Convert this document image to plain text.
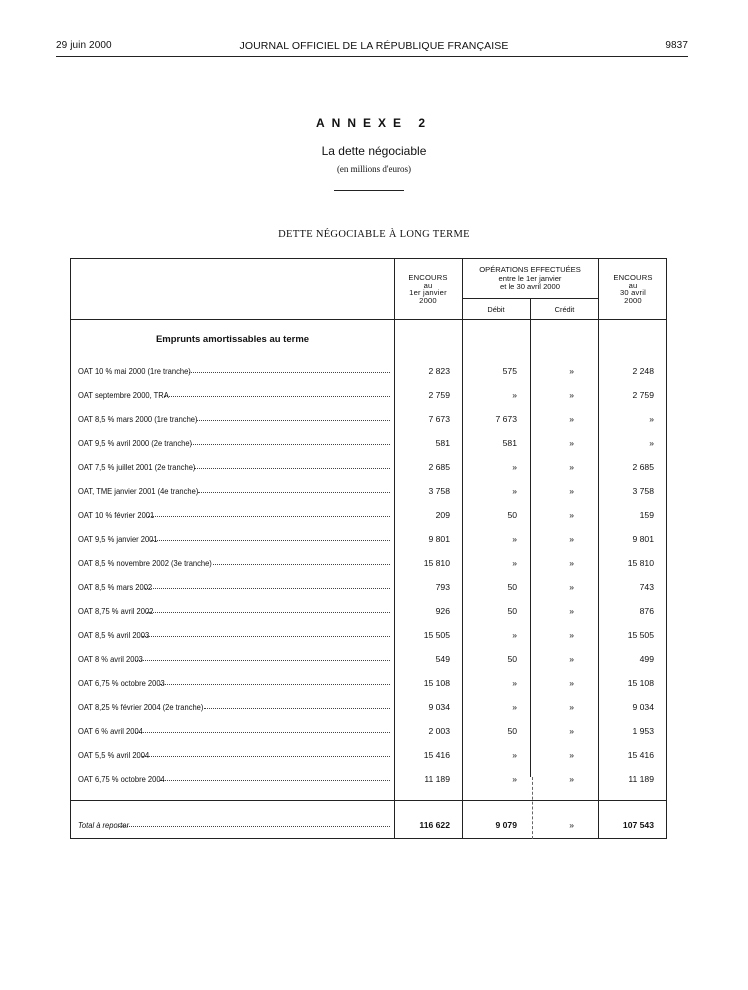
29 juin 2000	JOURNAL OFFICIEL DE LA RÉPUBLIQUE FRANÇAISE	9837
ANNEXE 2
La dette négociable
(en millions d'euros)
DETTE NÉGOCIABLE À LONG TERME
ENCOURS
au
1er janvier
2000
OPÉRATIONS EFFECTUÉES
entre le 1er janvier
et le 30 avril 2000
Débit	Crédit
ENCOURS
au
30 avril
2000
Emprunts amortissables au terme
OAT 10 % mai 2000 (1re tranche)	2 823	575	»	2 248
OAT septembre 2000, TRA	2 759	»	»	2 759
OAT 8,5 % mars 2000 (1re tranche)	7 673	7 673	»	»
OAT 9,5 % avril 2000 (2e tranche)	581	581	»	»
OAT 7,5 % juillet 2001 (2e tranche)	2 685	»	»	2 685
OAT, TME janvier 2001 (4e tranche)	3 758	»	»	3 758
OAT 10 % février 2001	209	50	»	159
OAT 9,5 % janvier 2001	9 801	»	»	9 801
OAT 8,5 % novembre 2002 (3e tranche)	15 810	»	»	15 810
OAT 8,5 % mars 2002	793	50	»	743
OAT 8,75 % avril 2002	926	50	»	876
OAT 8,5 % avril 2003	15 505	»	»	15 505
OAT 8 % avril 2003	549	50	»	499
OAT 6,75 % octobre 2003	15 108	»	»	15 108
OAT 8,25 % février 2004 (2e tranche)	9 034	»	»	9 034
OAT 6 % avril 2004	2 003	50	»	1 953
OAT 5,5 % avril 2004	15 416	»	»	15 416
OAT 6,75 % octobre 2004	11 189	»	»	11 189
Total à reporter	116 622	9 079	»	107 543
